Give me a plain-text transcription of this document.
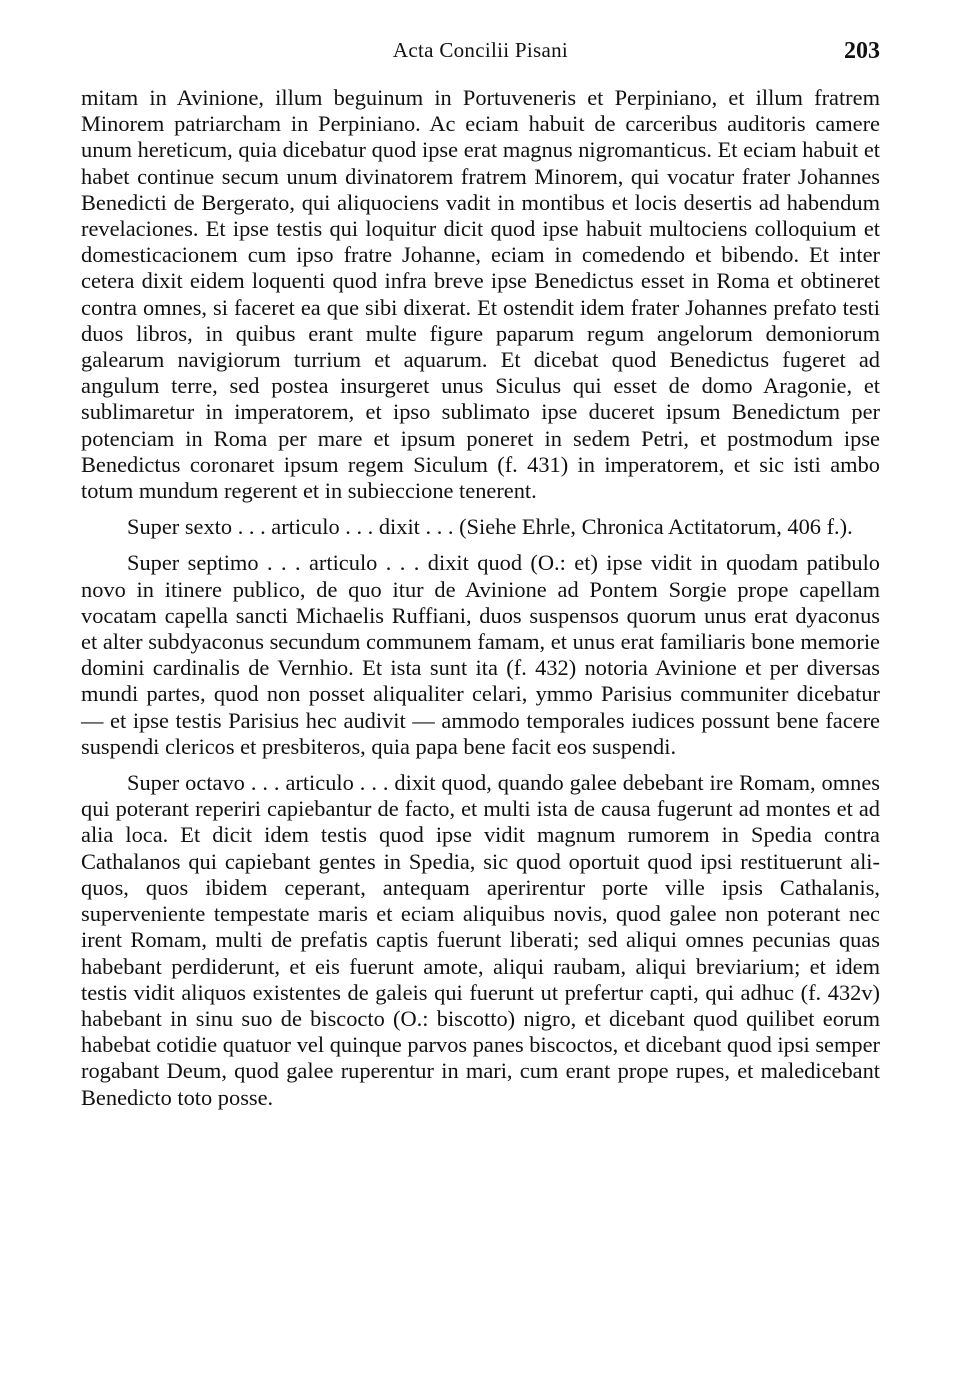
Acta Concilii Pisani	203

mitam in Avinione, illum beguinum in Portuveneris et Perpiniano, et illum fratrem Minorem patriarcham in Perpiniano. Ac eciam habuit de carceribus auditoris camere unum hereticum, quia dicebatur quod ipse erat magnus nigromanticus. Et eciam habuit et habet continue secum unum divinatorem fratrem Minorem, qui vocatur frater Johannes Benedicti de Bergerato, qui aliquociens vadit in montibus et locis desertis ad habendum revelaciones. Et ipse testis qui loquitur dicit quod ipse habuit multociens colloquium et domesticacionem cum ipso fratre Johanne, eciam in comedendo et bibendo. Et inter cetera dixit eidem loquenti quod infra breve ipse Benedictus esset in Roma et obtineret contra omnes, si faceret ea que sibi dixerat. Et ostendit idem frater Johannes prefato testi duos libros, in quibus erant multe figure paparum regum angelorum demoniorum galearum navigiorum turrium et aquarum. Et dicebat quod Benedictus fugeret ad angulum terre, sed postea insurgeret unus Siculus qui esset de domo Aragonie, et sublimaretur in imperatorem, et ipso sublimato ipse duceret ipsum Benedictum per potenciam in Roma per mare et ipsum poneret in sedem Petri, et postmodum ipse Benedictus coronaret ipsum regem Siculum (f. 431) in imperatorem, et sic isti ambo totum mundum regerent et in subieccione tenerent.

Super sexto . . . articulo . . . dixit . . . (Siehe Ehrle, Chronica Actitatorum, 406 f.).

Super septimo . . . articulo . . . dixit quod (O.: et) ipse vidit in quodam patibulo novo in itinere publico, de quo itur de Avinione ad Pontem Sorgie prope capellam vocatam capella sancti Michaelis Ruffiani, duos suspensos quorum unus erat dyaconus et alter subdyaconus secundum communem famam, et unus erat familiaris bone memorie domini cardinalis de Vernhio. Et ista sunt ita (f. 432) notoria Avinione et per diversas mundi partes, quod non posset aliqualiter celari, ymmo Parisius communiter dicebatur — et ipse testis Parisius hec audivit — ammodo temporales iudices possunt bene facere suspendi clericos et presbiteros, quia papa bene facit eos suspendi.

Super octavo . . . articulo . . . dixit quod, quando galee debebant ire Romam, omnes qui poterant reperiri capiebantur de facto, et multi ista de causa fugerunt ad montes et ad alia loca. Et dicit idem testis quod ipse vidit magnum rumorem in Spedia contra Cathalanos qui capiebant gentes in Spedia, sic quod oportuit quod ipsi restituerunt aliquos, quos ibidem ceperant, antequam aperirentur porte ville ipsis Cathalanis, superveniente tempestate maris et eciam aliquibus novis, quod galee non poterant nec irent Romam, multi de prefatis captis fuerunt liberati; sed aliqui omnes pecunias quas habebant perdiderunt, et eis fuerunt amote, aliqui raubam, aliqui breviarium; et idem testis vidit aliquos existentes de galeis qui fuerunt ut prefertur capti, qui adhuc (f. 432v) habebant in sinu suo de biscocto (O.: biscotto) nigro, et dicebant quod quilibet eorum habebat cotidie quatuor vel quinque parvos panes biscoctos, et dicebant quod ipsi semper rogabant Deum, quod galee ruperentur in mari, cum erant prope rupes, et maledicebant Benedicto toto posse.
